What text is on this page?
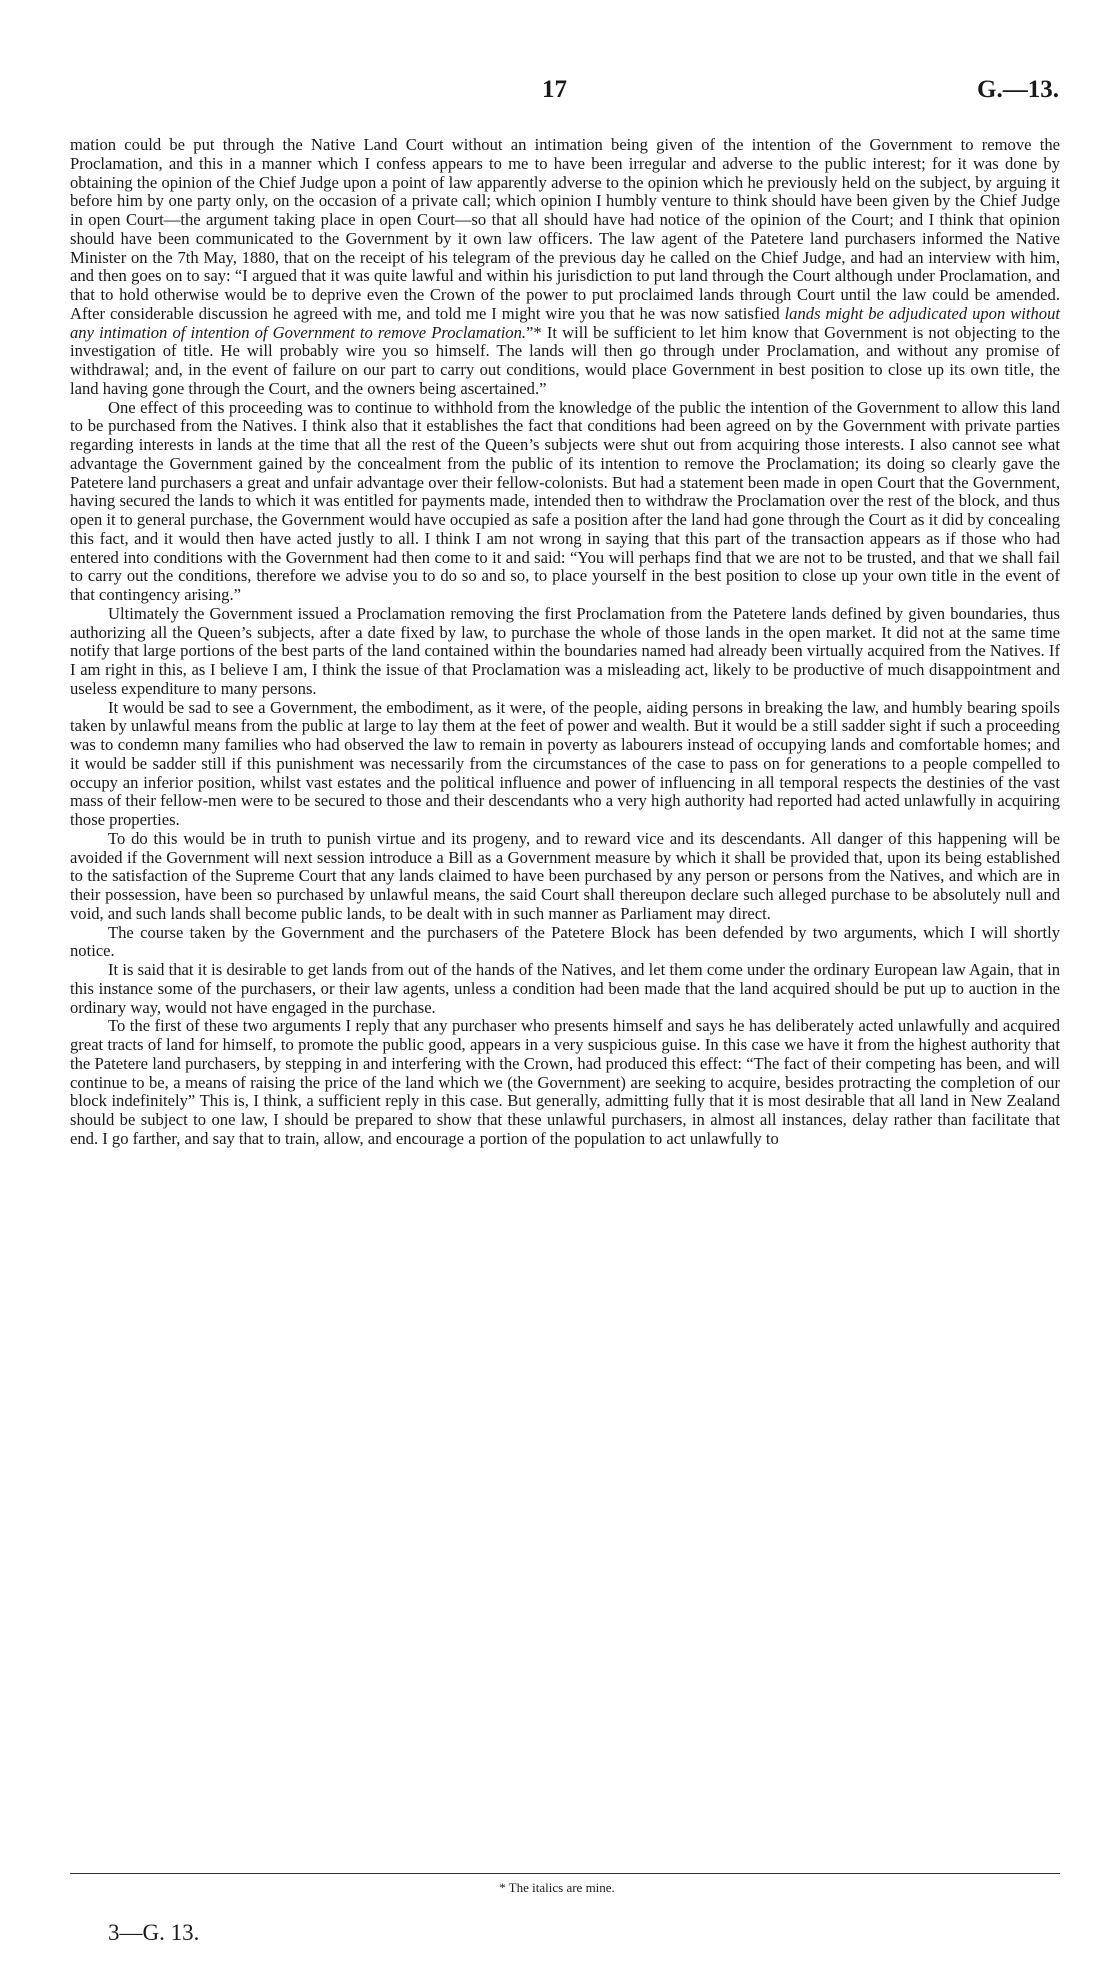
17	G.—13.

mation could be put through the Native Land Court without an intimation being given of the intention of the Government to remove the Proclamation, and this in a manner which I confess appears to me to have been irregular and adverse to the public interest; for it was done by obtaining the opinion of the Chief Judge upon a point of law apparently adverse to the opinion which he previously held on the subject, by arguing it before him by one party only, on the occasion of a private call; which opinion I humbly venture to think should have been given by the Chief Judge in open Court—the argument taking place in open Court—so that all should have had notice of the opinion of the Court; and I think that opinion should have been communicated to the Government by it own law officers. The law agent of the Patetere land purchasers informed the Native Minister on the 7th May, 1880, that on the receipt of his telegram of the previous day he called on the Chief Judge, and had an interview with him, and then goes on to say: “I argued that it was quite lawful and within his jurisdiction to put land through the Court although under Proclamation, and that to hold otherwise would be to deprive even the Crown of the power to put proclaimed lands through Court until the law could be amended. After considerable discussion he agreed with me, and told me I might wire you that he was now satisfied lands might be adjudicated upon without any intimation of intention of Government to remove Proclamation.”* It will be sufficient to let him know that Government is not objecting to the investigation of title. He will probably wire you so himself. The lands will then go through under Proclamation, and without any promise of withdrawal; and, in the event of failure on our part to carry out conditions, would place Government in best position to close up its own title, the land having gone through the Court, and the owners being ascertained.”

One effect of this proceeding was to continue to withhold from the knowledge of the public the intention of the Government to allow this land to be purchased from the Natives. I think also that it establishes the fact that conditions had been agreed on by the Government with private parties regarding interests in lands at the time that all the rest of the Queen’s subjects were shut out from acquiring those interests. I also cannot see what advantage the Government gained by the concealment from the public of its intention to remove the Proclamation; its doing so clearly gave the Patetere land purchasers a great and unfair advantage over their fellow-colonists. But had a statement been made in open Court that the Government, having secured the lands to which it was entitled for payments made, intended then to withdraw the Proclamation over the rest of the block, and thus open it to general purchase, the Government would have occupied as safe a position after the land had gone through the Court as it did by concealing this fact, and it would then have acted justly to all. I think I am not wrong in saying that this part of the transaction appears as if those who had entered into conditions with the Government had then come to it and said: “You will perhaps find that we are not to be trusted, and that we shall fail to carry out the conditions, therefore we advise you to do so and so, to place yourself in the best position to close up your own title in the event of that contingency arising.”

Ultimately the Government issued a Proclamation removing the first Proclamation from the Patetere lands defined by given boundaries, thus authorizing all the Queen’s subjects, after a date fixed by law, to purchase the whole of those lands in the open market. It did not at the same time notify that large portions of the best parts of the land contained within the boundaries named had already been virtually acquired from the Natives. If I am right in this, as I believe I am, I think the issue of that Proclamation was a misleading act, likely to be productive of much disappointment and useless expenditure to many persons.

It would be sad to see a Government, the embodiment, as it were, of the people, aiding persons in breaking the law, and humbly bearing spoils taken by unlawful means from the public at large to lay them at the feet of power and wealth. But it would be a still sadder sight if such a proceeding was to condemn many families who had observed the law to remain in poverty as labourers instead of occupying lands and comfortable homes; and it would be sadder still if this punishment was necessarily from the circumstances of the case to pass on for generations to a people compelled to occupy an inferior position, whilst vast estates and the political influence and power of influencing in all temporal respects the destinies of the vast mass of their fellow-men were to be secured to those and their descendants who a very high authority had reported had acted unlawfully in acquiring those properties.

To do this would be in truth to punish virtue and its progeny, and to reward vice and its descendants. All danger of this happening will be avoided if the Government will next session introduce a Bill as a Government measure by which it shall be provided that, upon its being established to the satisfaction of the Supreme Court that any lands claimed to have been purchased by any person or persons from the Natives, and which are in their possession, have been so purchased by unlawful means, the said Court shall thereupon declare such alleged purchase to be absolutely null and void, and such lands shall become public lands, to be dealt with in such manner as Parliament may direct.

The course taken by the Government and the purchasers of the Patetere Block has been defended by two arguments, which I will shortly notice.

It is said that it is desirable to get lands from out of the hands of the Natives, and let them come under the ordinary European law Again, that in this instance some of the purchasers, or their law agents, unless a condition had been made that the land acquired should be put up to auction in the ordinary way, would not have engaged in the purchase.

To the first of these two arguments I reply that any purchaser who presents himself and says he has deliberately acted unlawfully and acquired great tracts of land for himself, to promote the public good, appears in a very suspicious guise. In this case we have it from the highest authority that the Patetere land purchasers, by stepping in and interfering with the Crown, had produced this effect: “The fact of their competing has been, and will continue to be, a means of raising the price of the land which we (the Government) are seeking to acquire, besides protracting the completion of our block indefinitely” This is, I think, a sufficient reply in this case. But generally, admitting fully that it is most desirable that all land in New Zealand should be subject to one law, I should be prepared to show that these unlawful purchasers, in almost all instances, delay rather than facilitate that end. I go farther, and say that to train, allow, and encourage a portion of the population to act unlawfully to

* The italics are mine.
3—G. 13.
